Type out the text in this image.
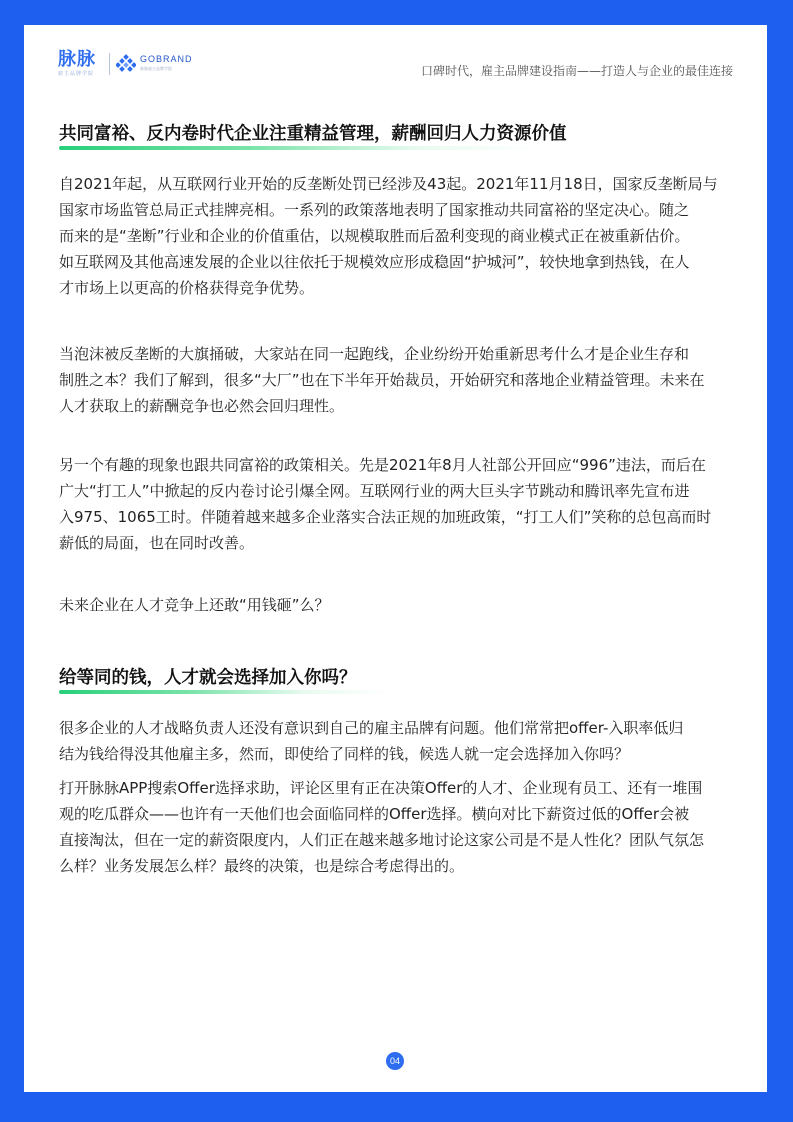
脉脉
雇主品牌学院
GOBRAND
脉脉雇主品牌学院	口碑时代，雇主品牌建设指南——打造人与企业的最佳连接
共同富裕、反内卷时代企业注重精益管理，薪酬回归人力资源价值
自2021年起，从互联网行业开始的反垄断处罚已经涉及43起。2021年11月18日，国家反垄断局与
国家市场监管总局正式挂牌亮相。一系列的政策落地表明了国家推动共同富裕的坚定决心。随之
而来的是“垄断”行业和企业的价值重估，以规模取胜而后盈利变现的商业模式正在被重新估价。
如互联网及其他高速发展的企业以往依托于规模效应形成稳固“护城河”，较快地拿到热钱，在人
才市场上以更高的价格获得竞争优势。
当泡沫被反垄断的大旗捅破，大家站在同一起跑线，企业纷纷开始重新思考什么才是企业生存和
制胜之本？我们了解到，很多“大厂”也在下半年开始裁员，开始研究和落地企业精益管理。未来在
人才获取上的薪酬竞争也必然会回归理性。
另一个有趣的现象也跟共同富裕的政策相关。先是2021年8月人社部公开回应“996”违法，而后在
广大“打工人”中掀起的反内卷讨论引爆全网。互联网行业的两大巨头字节跳动和腾讯率先宣布进
入975、1065工时。伴随着越来越多企业落实合法正规的加班政策，“打工人们”笑称的总包高而时
薪低的局面，也在同时改善。
未来企业在人才竞争上还敢“用钱砸”么？
给等同的钱，人才就会选择加入你吗？
很多企业的人才战略负责人还没有意识到自己的雇主品牌有问题。他们常常把offer-入职率低归
结为钱给得没其他雇主多，然而，即使给了同样的钱，候选人就一定会选择加入你吗？
打开脉脉APP搜索Offer选择求助，评论区里有正在决策Offer的人才、企业现有员工、还有一堆围
观的吃瓜群众——也许有一天他们也会面临同样的Offer选择。横向对比下薪资过低的Offer会被
直接淘汰，但在一定的薪资限度内，人们正在越来越多地讨论这家公司是不是人性化？团队气氛怎
么样？业务发展怎么样？最终的决策，也是综合考虑得出的。
04
